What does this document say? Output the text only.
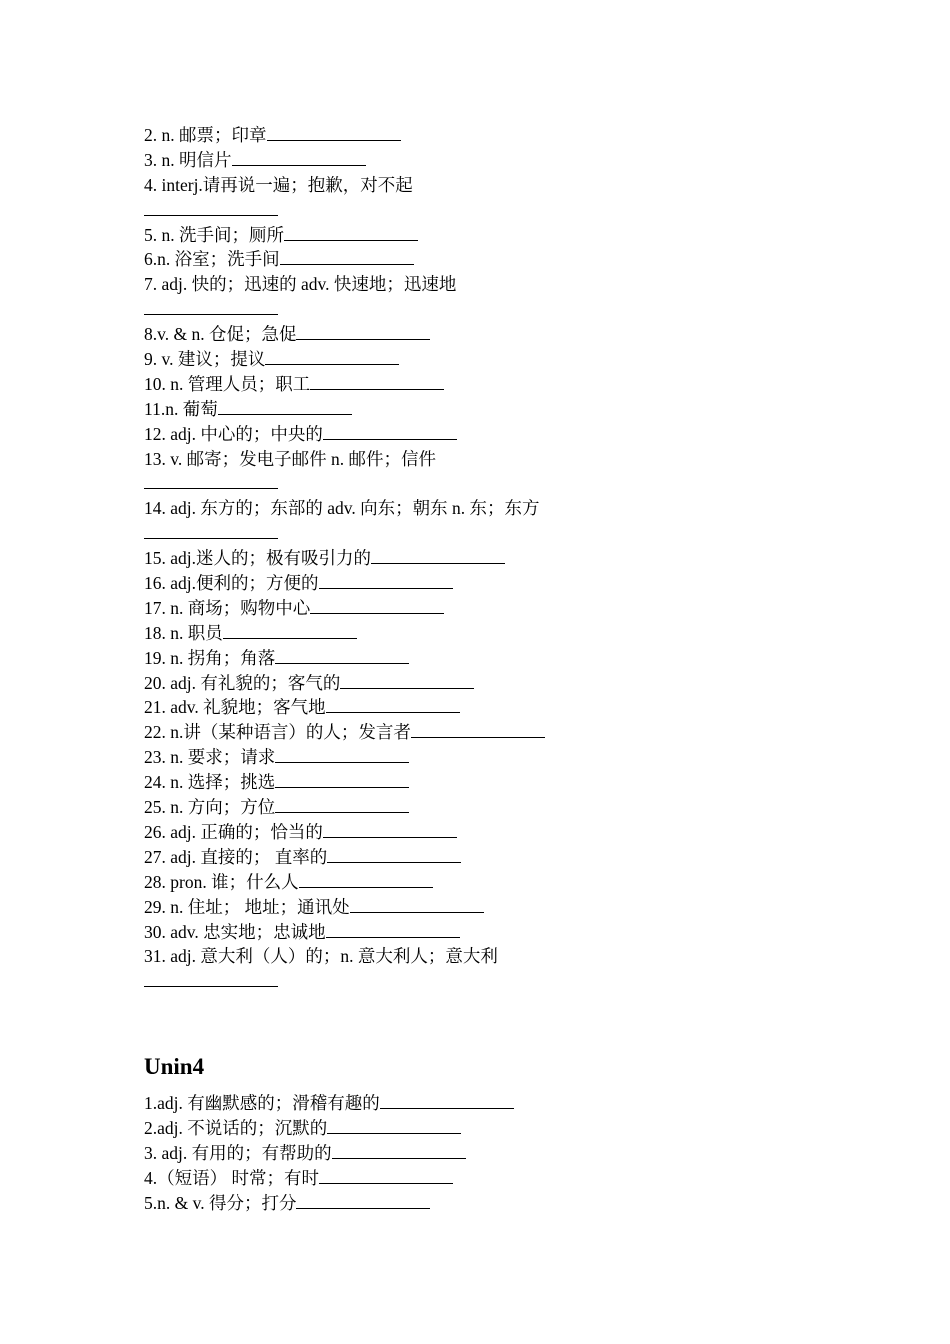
2. n. 邮票；印章
3. n. 明信片
4. interj.请再说一遍；抱歉，对不起
5. n. 洗手间；厕所
6.n. 浴室；洗手间
7. adj. 快的；迅速的 adv. 快速地；迅速地
8.v. & n. 仓促；急促
9. v. 建议；提议
10. n. 管理人员；职工
11.n. 葡萄
12. adj. 中心的；中央的
13. v. 邮寄；发电子邮件 n. 邮件；信件
14. adj. 东方的；东部的 adv. 向东；朝东 n. 东；东方
15. adj.迷人的；极有吸引力的
16. adj.便利的；方便的
17. n. 商场；购物中心
18. n. 职员
19. n. 拐角；角落
20. adj. 有礼貌的；客气的
21. adv. 礼貌地；客气地
22. n.讲（某种语言）的人；发言者
23. n. 要求；请求
24. n. 选择；挑选
25. n. 方向；方位
26. adj. 正确的；恰当的
27. adj. 直接的； 直率的
28. pron. 谁；什么人
29. n. 住址； 地址；通讯处
30. adv. 忠实地；忠诚地
31. adj. 意大利（人）的；n. 意大利人；意大利
Unin4
1.adj. 有幽默感的；滑稽有趣的
2.adj. 不说话的；沉默的
3. adj. 有用的；有帮助的
4.（短语） 时常；有时
5.n. & v. 得分；打分
